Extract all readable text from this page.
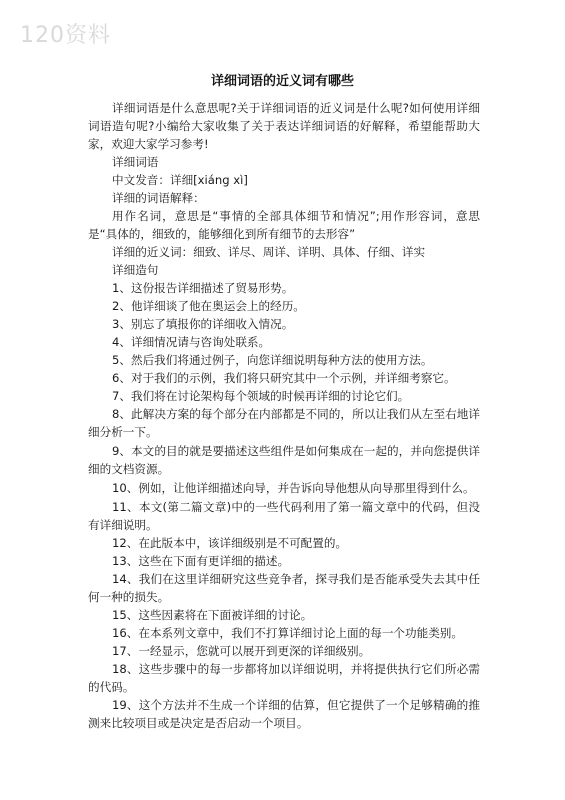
120资料
详细词语的近义词有哪些

详细词语是什么意思呢?关于详细词语的近义词是什么呢?如何使用详细词语造句呢?小编给大家收集了关于表达详细词语的好解释，希望能帮助大家，欢迎大家学习参考!

详细词语

中文发音：详细[xiáng xì]

详细的词语解释：

用作名词，意思是“事情的全部具体细节和情况”;用作形容词，意思是“具体的，细致的，能够细化到所有细节的去形容”

详细的近义词：细致、详尽、周详、详明、具体、仔细、详实

详细造句

1、这份报告详细描述了贸易形势。

2、他详细谈了他在奥运会上的经历。

3、别忘了填报你的详细收入情况。

4、详细情况请与咨询处联系。

5、然后我们将通过例子，向您详细说明每种方法的使用方法。

6、对于我们的示例，我们将只研究其中一个示例，并详细考察它。

7、我们将在讨论架构每个领域的时候再详细的讨论它们。

8、此解决方案的每个部分在内部都是不同的，所以让我们从左至右地详细分析一下。

9、本文的目的就是要描述这些组件是如何集成在一起的，并向您提供详细的文档资源。

10、例如，让他详细描述向导，并告诉向导他想从向导那里得到什么。

11、本文(第二篇文章)中的一些代码利用了第一篇文章中的代码，但没有详细说明。

12、在此版本中，该详细级别是不可配置的。

13、这些在下面有更详细的描述。

14、我们在这里详细研究这些竞争者，探寻我们是否能承受失去其中任何一种的损失。

15、这些因素将在下面被详细的讨论。

16、在本系列文章中，我们不打算详细讨论上面的每一个功能类别。

17、一经显示，您就可以展开到更深的详细级别。

18、这些步骤中的每一步都将加以详细说明，并将提供执行它们所必需的代码。

19、这个方法并不生成一个详细的估算，但它提供了一个足够精确的推测来比较项目或是决定是否启动一个项目。
